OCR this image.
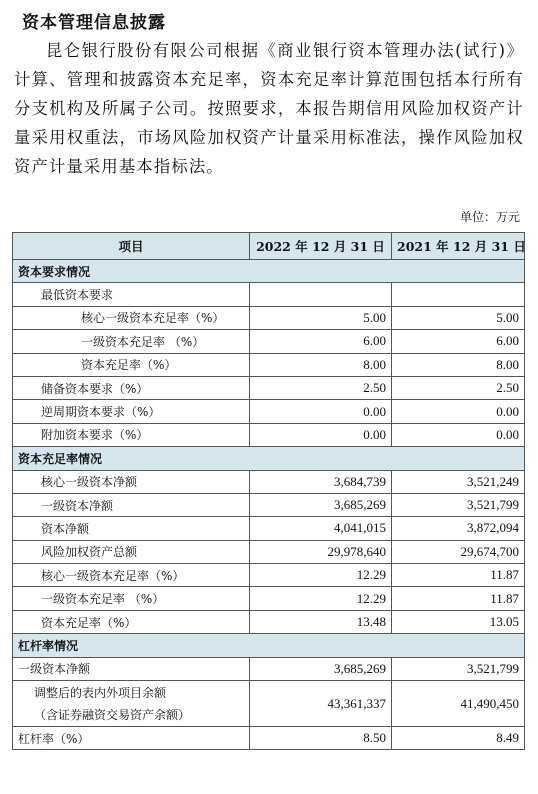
资本管理信息披露
昆仑银行股份有限公司根据《商业银行资本管理办法(试行)》计算、管理和披露资本充足率，资本充足率计算范围包括本行所有分支机构及所属子公司。按照要求，本报告期信用风险加权资产计量采用权重法，市场风险加权资产计量采用标准法，操作风险加权资产计量采用基本指标法。
单位：万元
项目	2022 年 12 月 31 日	2021 年 12 月 31 日
资本要求情况		
最低资本要求		
核心一级资本充足率（%）	5.00	5.00
一级资本充足率 （%）	6.00	6.00
资本充足率（%）	8.00	8.00
储备资本要求（%）	2.50	2.50
逆周期资本要求（%）	0.00	0.00
附加资本要求（%）	0.00	0.00
资本充足率情况		
核心一级资本净额	3,684,739	3,521,249
一级资本净额	3,685,269	3,521,799
资本净额	4,041,015	3,872,094
风险加权资产总额	29,978,640	29,674,700
核心一级资本充足率（%）	12.29	11.87
一级资本充足率 （%）	12.29	11.87
资本充足率（%）	13.48	13.05
杠杆率情况		
一级资本净额	3,685,269	3,521,799

调整后的表内外项目余额
（含证券融资交易资产余额）	43,361,337	41,490,450
杠杆率（%）	8.50	8.49
